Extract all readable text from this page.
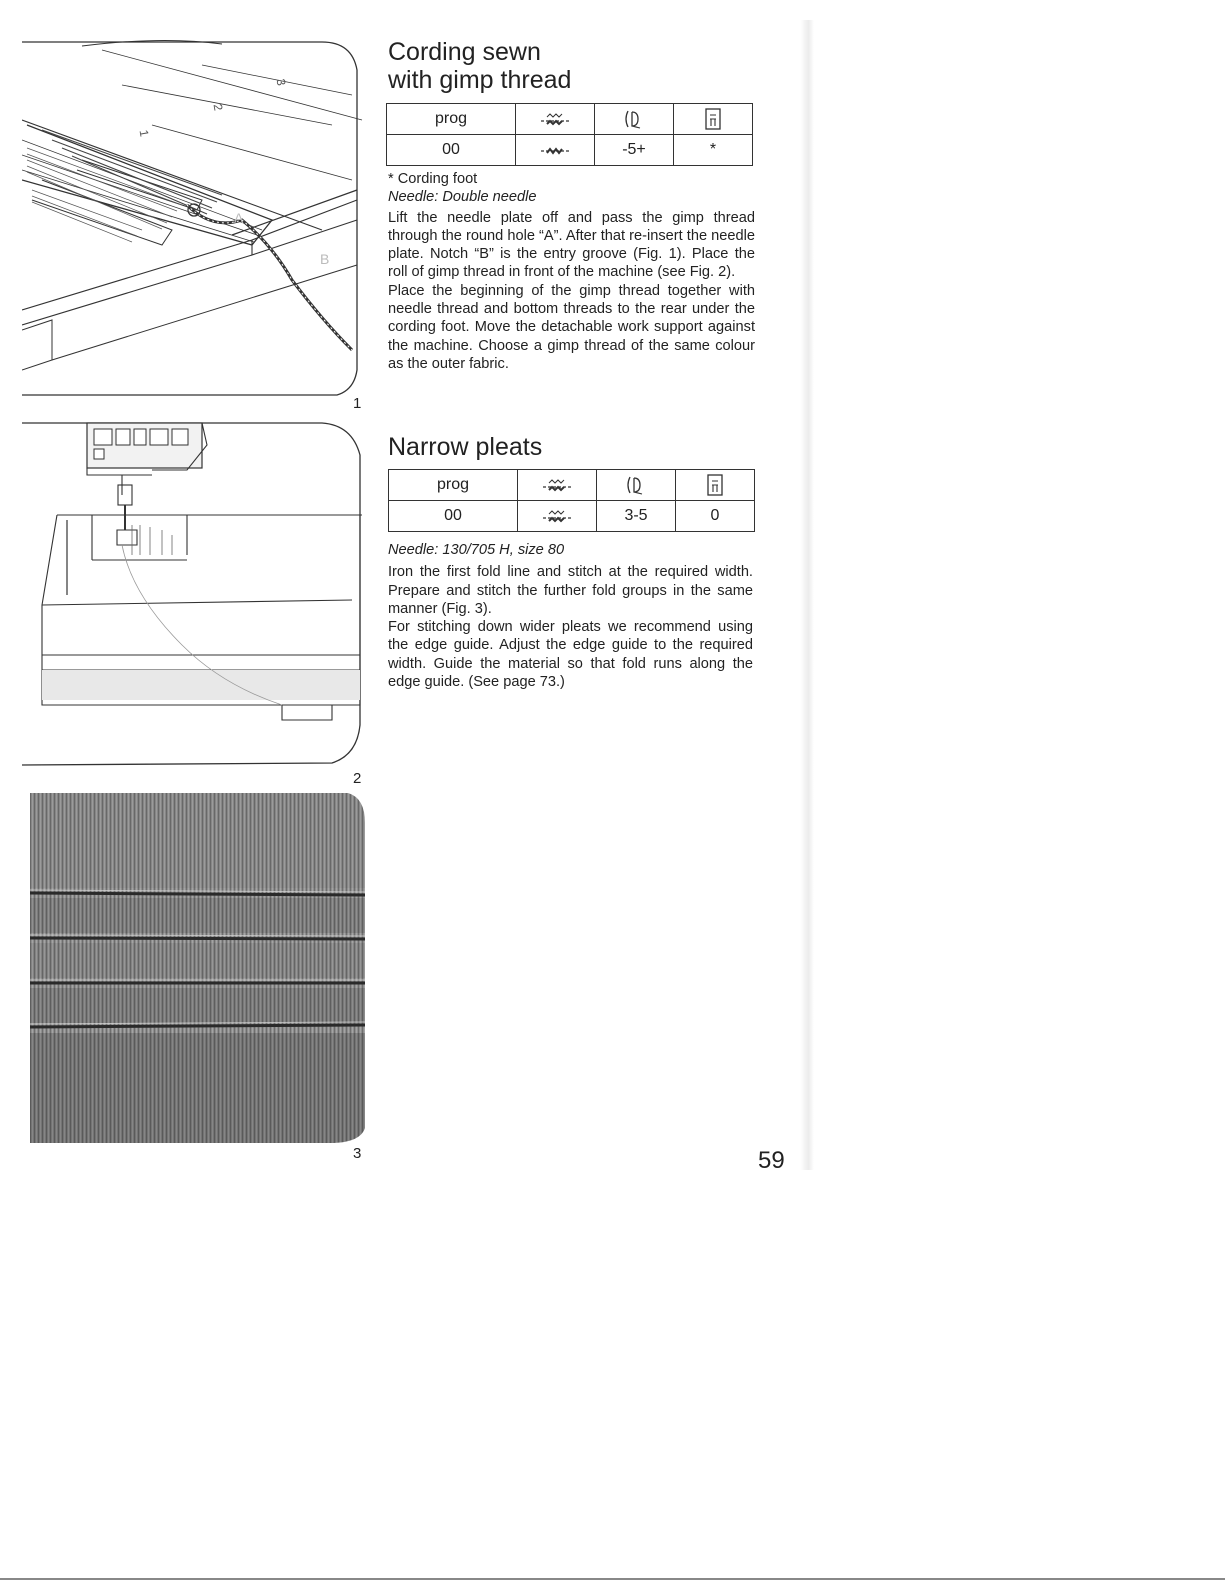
A
B
3
2
1
1
2
3
Cording sewn
with gimp thread
prog	

00		-5+	*

* Cording foot

Needle: Double needle

Lift the needle plate off and pass the gimp thread through the round hole “A”. After that re-insert the needle plate. Notch “B” is the entry groove (Fig. 1). Place the roll of gimp thread in front of the machine (see Fig. 2).

Place the beginning of the gimp thread together with needle thread and bottom threads to the rear under the cording foot. Move the detachable work support against the machine. Choose a gimp thread of the same colour as the outer fabric.

Narrow pleats
prog	

00		3-5	0

Needle: 130/705 H, size 80

Iron the first fold line and stitch at the required width. Prepare and stitch the further fold groups in the same manner (Fig. 3).

For stitching down wider pleats we recommend using the edge guide. Adjust the edge guide to the required width. Guide the material so that fold runs along the edge guide. (See page 73.)

59
